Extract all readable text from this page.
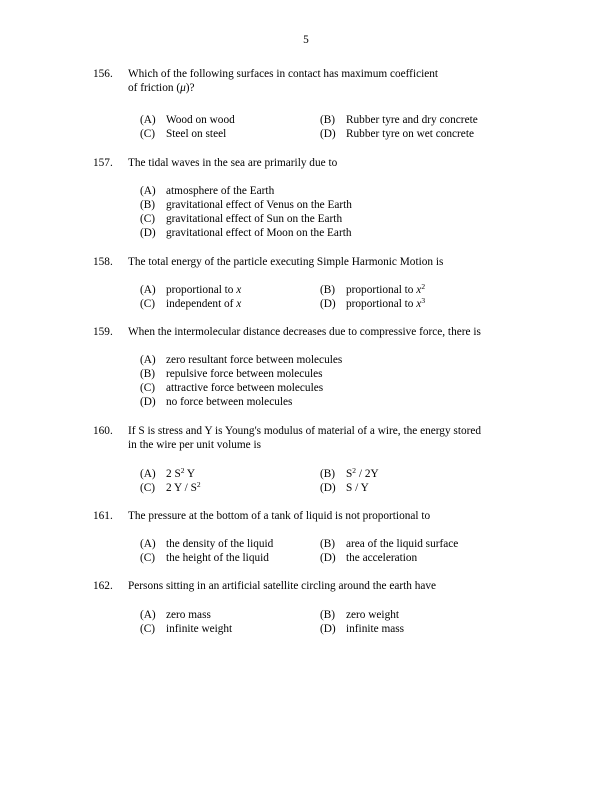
5
156. Which of the following surfaces in contact has maximum coefficient
of friction (μ)?
(A) Wood on wood	(B) Rubber tyre and dry concrete
(C) Steel on steel	(D) Rubber tyre on wet concrete
157. The tidal waves in the sea are primarily due to
(A) atmosphere of the Earth
(B) gravitational effect of Venus on the Earth
(C) gravitational effect of Sun on the Earth
(D) gravitational effect of Moon on the Earth
158. The total energy of the particle executing Simple Harmonic Motion is
(A) proportional to x	(B) proportional to $x^2$
(C) independent of x	(D) proportional to $x^3$
159. When the intermolecular distance decreases due to compressive force, there is
(A) zero resultant force between molecules
(B) repulsive force between molecules
(C) attractive force between molecules
(D) no force between molecules
160. If S is stress and Y is Young's modulus of material of a wire, the energy stored
in the wire per unit volume is
(A) 2 $S^2$ Y	(B) $S^2 / 2Y$
(C) 2 Y / $S^2$	(D) S / Y
161. The pressure at the bottom of a tank of liquid is not proportional to
(A) the density of the liquid	(B) area of the liquid surface
(C) the height of the liquid	(D) the acceleration
162. Persons sitting in an artificial satellite circling around the earth have
(A) zero mass	(B) zero weight
(C) infinite weight	(D) infinite mass
